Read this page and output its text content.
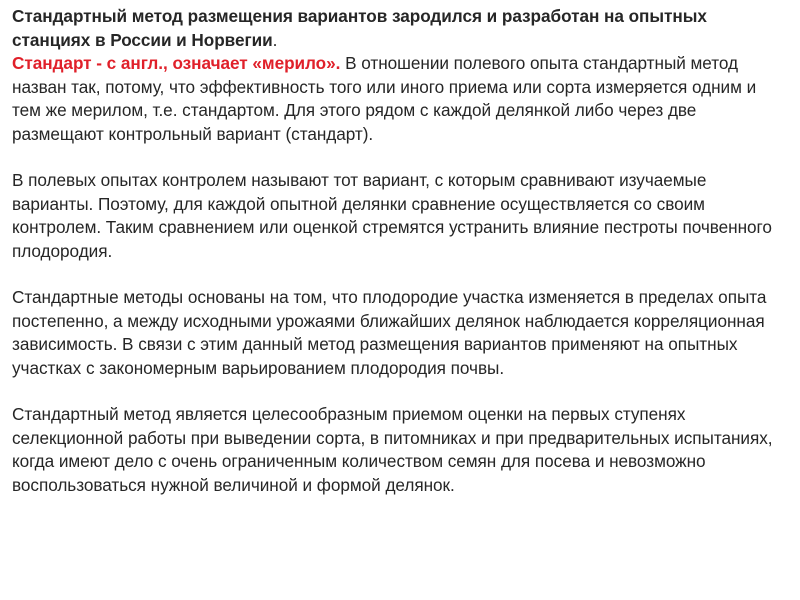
Стандартный метод размещения вариантов зародился и разработан на опытных станциях в России и Норвегии.
Стандарт - с англ., означает «мерило». В отношении полевого опыта стандартный метод назван так, потому, что эффективность того или иного приема или сорта измеряется одним и тем же мерилом, т.е. стандартом. Для этого рядом с каждой делянкой либо через две размещают контрольный вариант (стандарт).

В полевых опытах контролем называют тот вариант, с которым сравнивают изучаемые варианты. Поэтому, для каждой опытной делянки сравнение осуществляется со своим контролем. Таким сравнением или оценкой стремятся устранить влияние пестроты почвенного плодородия.

Стандартные методы основаны на том, что плодородие участка изменяется в пределах опыта постепенно, а между исходными урожаями ближайших делянок наблюдается корреляционная зависимость. В связи с этим данный метод размещения вариантов применяют на опытных участках с закономерным варьированием плодородия почвы.

Стандартный метод является целесообразным приемом оценки на первых ступенях селекционной работы при выведении сорта, в питомниках и при предварительных испытаниях, когда имеют дело с очень ограниченным количеством семян для посева и невозможно воспользоваться нужной величиной и формой делянок.
